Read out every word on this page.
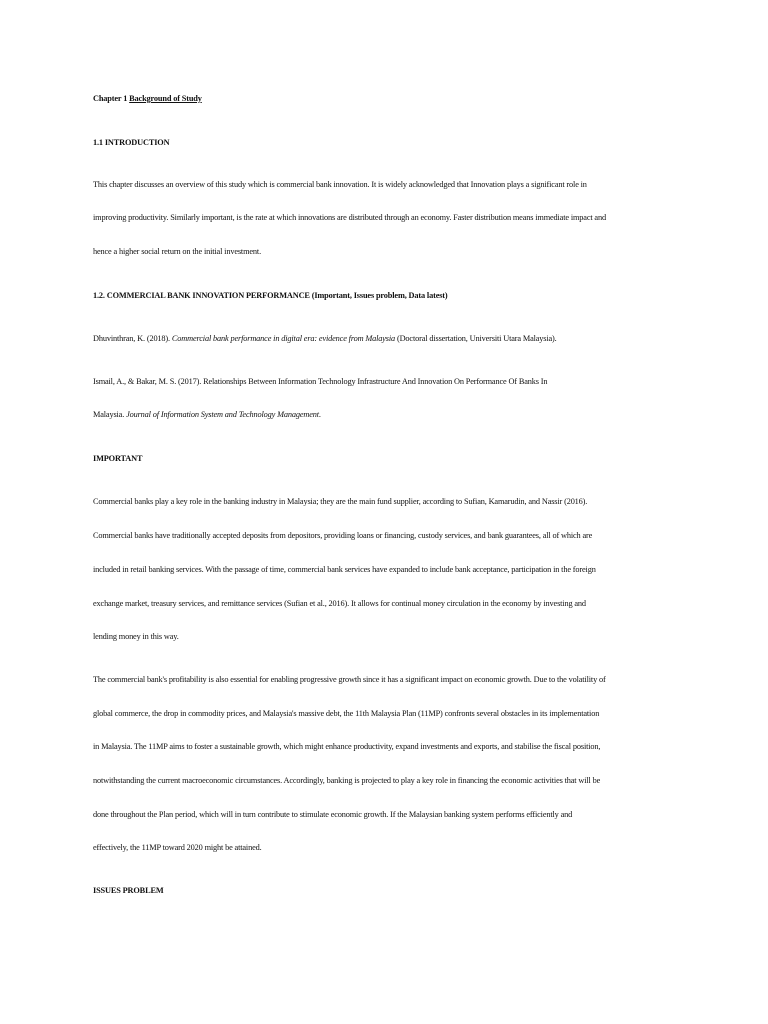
Chapter 1 Background of Study
1.1 INTRODUCTION
This chapter discusses an overview of this study which is commercial bank innovation. It is widely acknowledged that Innovation plays a significant role in
improving productivity. Similarly important, is the rate at which innovations are distributed through an economy. Faster distribution means immediate impact and
hence a higher social return on the initial investment.
1.2. COMMERCIAL BANK INNOVATION PERFORMANCE (Important, Issues problem, Data latest)
Dhuvinthran, K. (2018). Commercial bank performance in digital era: evidence from Malaysia (Doctoral dissertation, Universiti Utara Malaysia).
Ismail, A., & Bakar, M. S. (2017). Relationships Between Information Technology Infrastructure And Innovation On Performance Of Banks In
Malaysia. Journal of Information System and Technology Management.
IMPORTANT
Commercial banks play a key role in the banking industry in Malaysia; they are the main fund supplier, according to Sufian, Kamarudin, and Nassir (2016).
Commercial banks have traditionally accepted deposits from depositors, providing loans or financing, custody services, and bank guarantees, all of which are
included in retail banking services. With the passage of time, commercial bank services have expanded to include bank acceptance, participation in the foreign
exchange market, treasury services, and remittance services (Sufian et al., 2016). It allows for continual money circulation in the economy by investing and
lending money in this way.
The commercial bank's profitability is also essential for enabling progressive growth since it has a significant impact on economic growth. Due to the volatility of
global commerce, the drop in commodity prices, and Malaysia's massive debt, the 11th Malaysia Plan (11MP) confronts several obstacles in its implementation
in Malaysia. The 11MP aims to foster a sustainable growth, which might enhance productivity, expand investments and exports, and stabilise the fiscal position,
notwithstanding the current macroeconomic circumstances. Accordingly, banking is projected to play a key role in financing the economic activities that will be
done throughout the Plan period, which will in turn contribute to stimulate economic growth. If the Malaysian banking system performs efficiently and
effectively, the 11MP toward 2020 might be attained.
ISSUES PROBLEM
